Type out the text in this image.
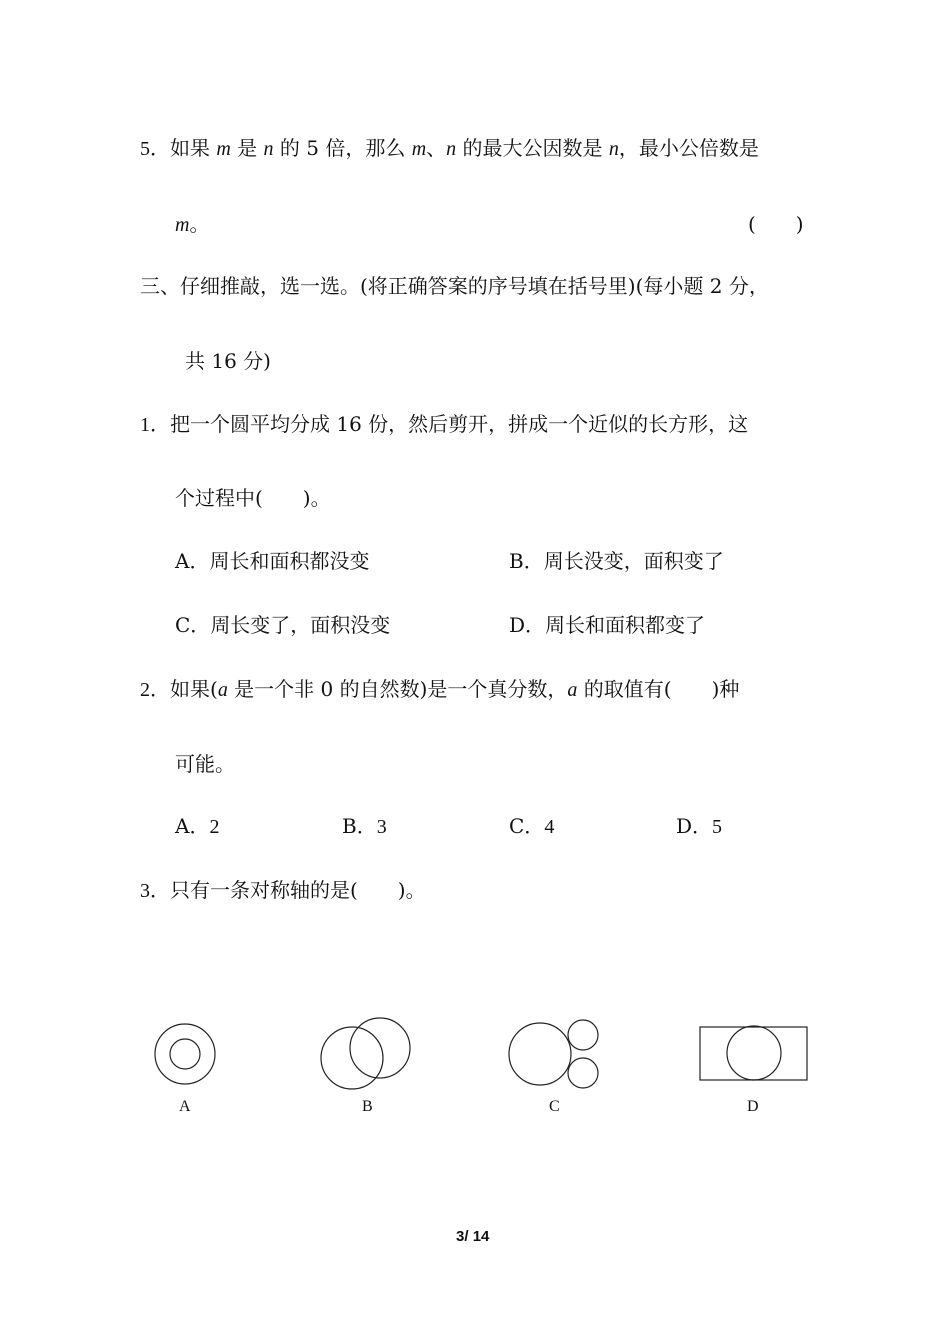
5．如果 m 是 n 的 5 倍，那么 m、n 的最大公因数是 n，最小公倍数是
m。	(　　)
三、仔细推敲，选一选。(将正确答案的序号填在括号里)(每小题 2 分，
共 16 分)
1．把一个圆平均分成 16 份，然后剪开，拼成一个近似的长方形，这
个过程中(　　)。
A．周长和面积都没变	B．周长没变，面积变了
C．周长变了，面积没变	D．周长和面积都变了
2．如果(a 是一个非 0 的自然数)是一个真分数，a 的取值有(　　)种
可能。
A．2	B．3	C．4	D．5
3．只有一条对称轴的是(　　)。
A	B	C	D
3/ 14
